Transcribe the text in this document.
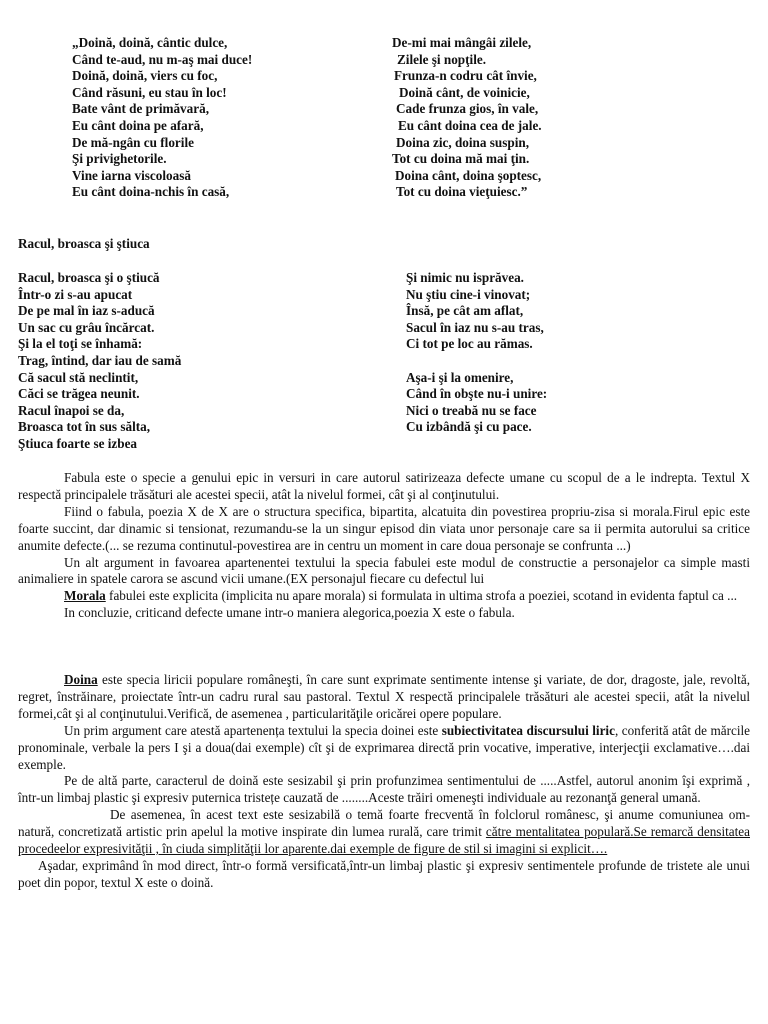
„Doină, doină, cântic dulce,
Când te-aud, nu m-aş mai duce!
Doină, doină, viers cu foc,
Când răsuni, eu stau în loc!
Bate vânt de primăvară,
Eu cânt doina pe afară,
De mă-ngân cu florile
Şi privighetorile.
Vine iarna viscoloasă
Eu cânt doina-nchis în casă,
De-mi mai mângâi zilele,
Zilele şi nopţile.
Frunza-n codru cât învie,
Doină cânt, de voinicie,
Cade frunza gios, în vale,
Eu cânt doina cea de jale.
Doina zic, doina suspin,
Tot cu doina mă mai ţin.
Doina cânt, doina şoptesc,
Tot cu doina vieţuiesc.”
Racul, broasca şi ştiuca
Racul, broasca şi o ştiucă
Într-o zi s-au apucat
De pe mal în iaz s-aducă
Un sac cu grâu încărcat.
Şi la el toţi se înhamă:
Trag, întind, dar iau de samă
Că sacul stă neclintit,
Căci se trăgea neunit.
Racul înapoi se da,
Broasca tot în sus sălta,
Ştiuca foarte se izbea
Şi nimic nu isprăvea.
Nu ştiu cine-i vinovat;
Însă, pe cât am aflat,
Sacul în iaz nu s-au tras,
Ci tot pe loc au rămas.
Aşa-i şi la omenire,
Când în obşte nu-i unire:
Nici o treabă nu se face
Cu izbândă şi cu pace.

Fabula este o specie a genului epic in versuri in care autorul satirizeaza defecte umane cu scopul de a le indrepta. Textul X respectă principalele trăsături ale acestei specii, atât la nivelul formei, cât şi al conţinutului.

Fiind o fabula, poezia X de X are o structura specifica, bipartita, alcatuita din povestirea propriu-zisa si morala.Firul epic este foarte succint, dar dinamic si tensionat, rezumandu-se la un singur episod din viata unor personaje care sa ii permita autorului sa critice anumite defecte.(... se rezuma continutul-povestirea are in centru un moment in care doua personaje se confrunta ...)

Un alt argument in favoarea apartenentei textului la specia fabulei este modul de constructie a personajelor ca simple masti animaliere in spatele carora se ascund vicii umane.(EX personajul fiecare cu defectul lui

Morala fabulei este explicita (implicita nu apare morala) si formulata in ultima strofa a poeziei, scotand in evidenta faptul ca ...

In concluzie, criticand defecte umane intr-o maniera alegorica,poezia X este o fabula.

Doina este specia liricii populare româneşti, în care sunt exprimate sentimente intense şi variate, de dor, dragoste, jale, revoltă, regret, înstrăinare, proiectate într-un cadru rural sau pastoral. Textul X respectă principalele trăsături ale acestei specii, atât la nivelul formei,cât şi al conţinutului.Verifică, de asemenea , particularităţile oricărei opere populare.

Un prim argument care atestă apartenența textului la specia doinei este subiectivitatea discursului liric, conferită atât de mărcile pronominale, verbale la pers I şi a doua(dai exemple) cît şi de exprimarea directă prin vocative, imperative, interjecţii exclamative….dai exemple.

Pe de altă parte, caracterul de doină este sesizabil şi prin profunzimea sentimentului de .....Astfel, autorul anonim îşi exprimă , într-un limbaj plastic şi expresiv puternica tristețe cauzată de ........Aceste trăiri omeneşti individuale au rezonanţă general umană.

De asemenea, în acest text este sesizabilă o temă foarte frecventă în folclorul românesc, şi anume comuniunea om-natură, concretizată artistic prin apelul la motive inspirate din lumea rurală, care trimit către mentalitatea populară.Se remarcă densitatea procedeelor expresivităţii , în ciuda simplităţii lor aparente.dai exemple de figure de stil si imagini si explicit….

Aşadar, exprimând în mod direct, într-o formă versificată,într-un limbaj plastic şi expresiv sentimentele profunde de tristete ale unui poet din popor, textul X este o doină.
